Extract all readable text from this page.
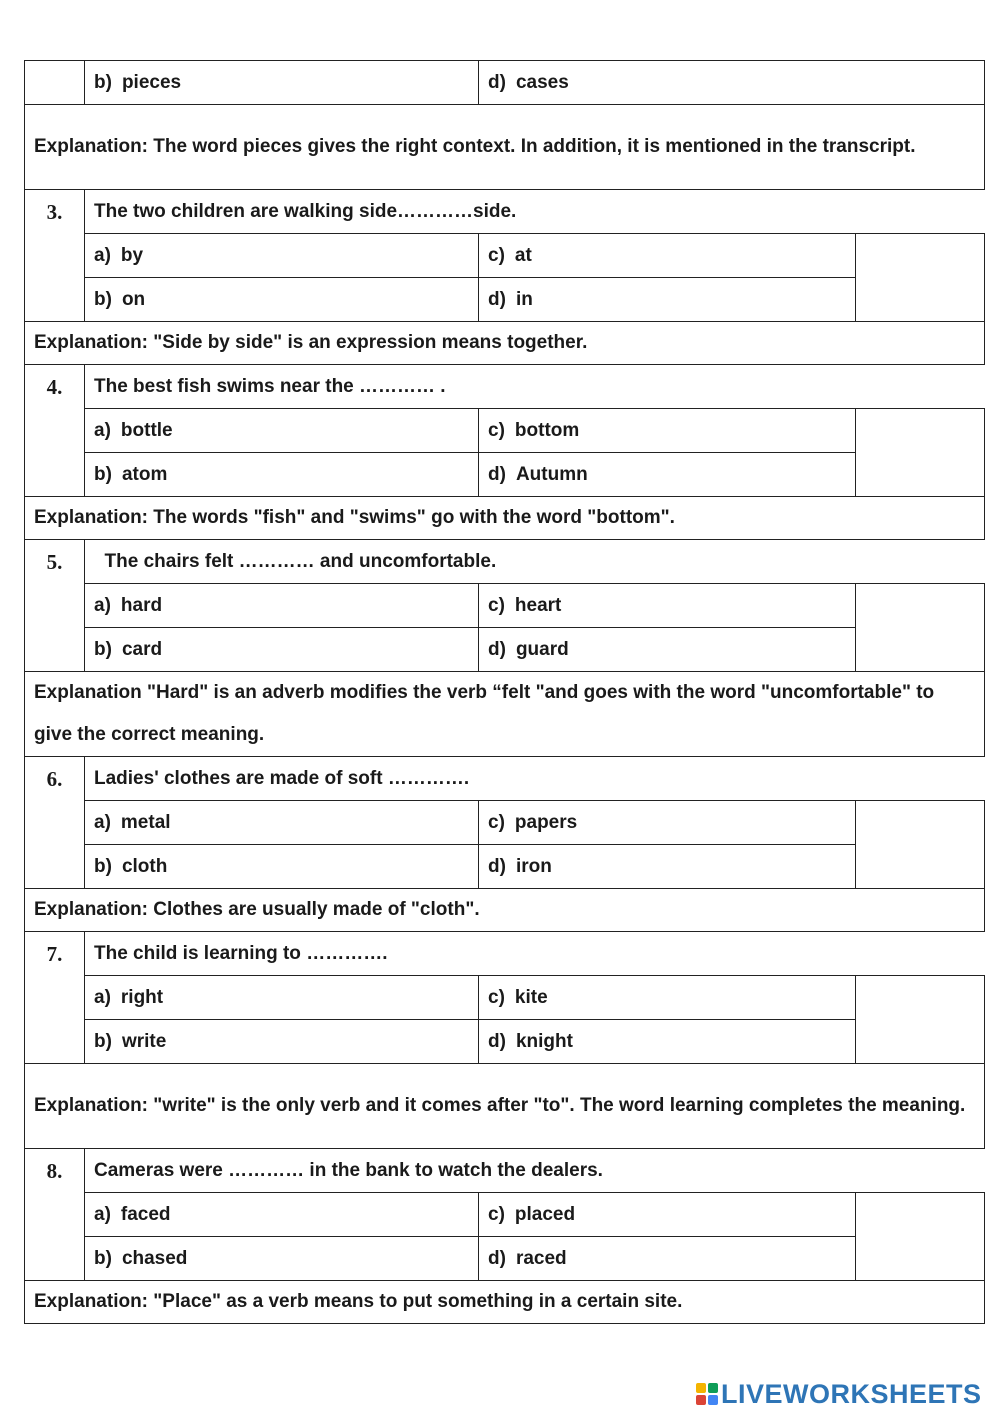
	b) pieces	d) cases	
Explanation: The word pieces gives the right context. In addition, it is mentioned in the transcript.			

3.	The two children are walking side…………side.		
	a) by	c) at	
	b) on	d) in	
Explanation: "Side by side" is an expression means together.			

4.	The best fish swims near the ………… .		
	a) bottle	c) bottom	
	b) atom	d) Autumn	
Explanation: The words "fish" and "swims" go with the word "bottom".			

5.	The chairs felt ………… and uncomfortable.		
	a) hard	c) heart	
	b) card	d) guard	
Explanation "Hard" is an adverb modifies the verb “felt "and goes with the word "uncomfortable" to give the correct meaning.			

6.	Ladies' clothes are made of soft ………….		
	a) metal	c) papers	
	b) cloth	d) iron	
Explanation: Clothes are usually made of "cloth".			

7.	The child is learning to ………….		
	a) right	c) kite	
	b) write	d) knight	
Explanation: "write" is the only verb and it comes after "to". The word learning completes the meaning.			

8.	Cameras were ………… in the bank to watch the dealers.		
	a) faced	c) placed	
	b) chased	d) raced	
Explanation: "Place" as a verb means to put something in a certain site.			
LIVEWORKSHEETS
